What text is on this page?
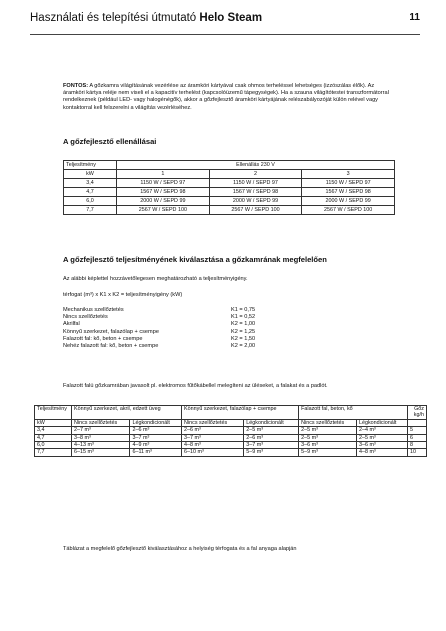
Használati és telepítési útmutató Helo Steam	11
FONTOS: A gőzkamra világításának vezérlése az áramköri kártyával csak ohmos terheléssel lehetséges (izzószálas élők). Az áramköri kártya reléje nem viseli el a kapacitív terhelést (kapcsolóüzemű tápegységek). Ha a szauna világítótestei transzformátorral rendelkeznek (például LED- vagy halogénégők), akkor a gőzfejlesztő áramköri kártyájának relészabályozóját külön relével vagy kontaktorral kell felszerelni a világítás vezérléséhez.
A gőzfejlesztő ellenállásai
Teljesítmény	Ellenállás 230 V		
kW	1	2	3
3,4	1150 W / SEPD 97	1150 W / SEPD 97	1150 W / SEPD 97
4,7	1567 W / SEPD 98	1567 W / SEPD 98	1567 W / SEPD 98
6,0	2000 W / SEPD 99	2000 W / SEPD 99	2000 W / SEPD 99
7,7	2567 W / SEPD 100	2567 W / SEPD 100	2567 W / SEPD 100
A gőzfejlesztő teljesítményének kiválasztása a gőzkamrának megfelelően
Az alábbi képlettel hozzávetőlegesen meghatározható a teljesítményigény.
térfogat (m³) x K1 x K2 = teljesítményigény (kW)
Mechanikus szellőztetés	K1 = 0,75
Nincs szellőztetés	K1 = 0,52
Akrilfal	K2 = 1,00
Könnyű szerkezet, falazólap + csempe	K2 = 1,25
Falazott fal: kő, beton + csempe	K2 = 1,50
Nehéz falazott fal: kő, beton + csempe	K2 = 2,00
Falazott falú gőzkamrában javasolt pl. elektromos fűtőkábellel melegíteni az üléseket, a falakat és a padlót.
Teljesítmény	Könnyű szerkezet, akril, edzett üveg		Könnyű szerkezet, falazólap + csempe		Falazott fal, beton, kő		Gőz kg/h
kW	Nincs szellőztetés	Légkondicionált	Nincs szellőztetés	Légkondicionált	Nincs szellőztetés	Légkondicionált	
3,4	2–7 m³	2–6 m³	2–6 m³	2–5 m³	2–5 m³	2–4 m³	5
4,7	3–8 m³	3–7 m³	3–7 m³	2–6 m³	2–5 m³	2–5 m³	6
6,0	4–13 m³	4–9 m³	4–8 m³	3–7 m³	3–6 m³	3–6 m³	8
7,7	6–15 m³	6–11 m³	6–10 m³	5–9 m³	5–9 m³	4–8 m³	10
Táblázat a megfelelő gőzfejlesztő kiválasztásához a helyiség térfogata és a fal anyaga alapján
